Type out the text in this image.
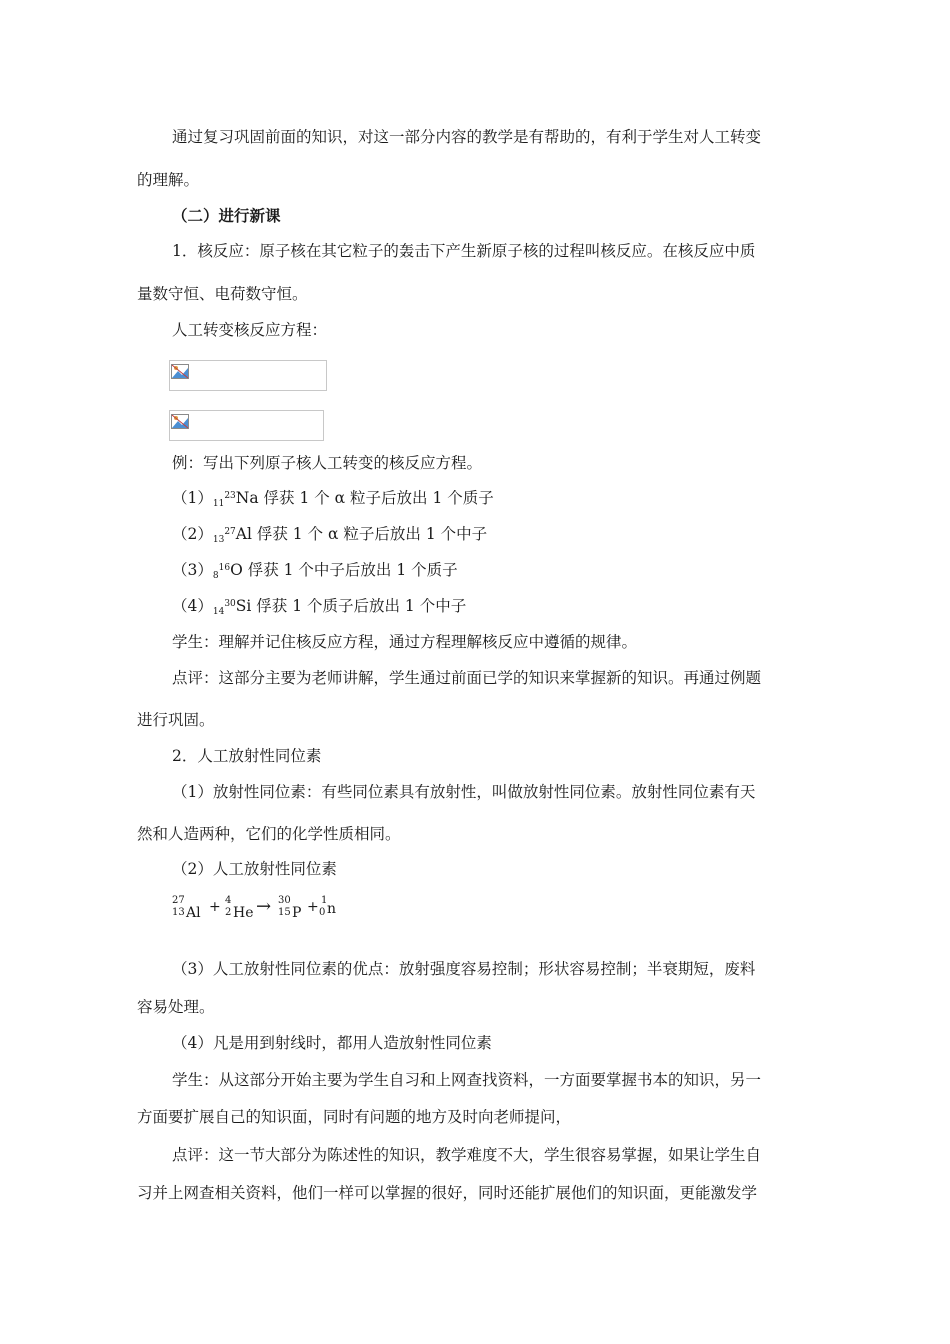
通过复习巩固前面的知识，对这一部分内容的教学是有帮助的，有利于学生对人工转变
的理解。
（二）进行新课
1．核反应：原子核在其它粒子的轰击下产生新原子核的过程叫核反应。在核反应中质
量数守恒、电荷数守恒。
人工转变核反应方程：
例：写出下列原子核人工转变的核反应方程。
$(1)11^{23}Na$ 俘获 1 个 α 粒子后放出 1 个质子
$(2)13^{27}Al$ 俘获 1 个 α 粒子后放出 1 个中子
$(3)8^{16}O$ 俘获 1 个中子后放出 1 个质子
$(4)14^{30}Si$ 俘获 1 个质子后放出 1 个中子
学生：理解并记住核反应方程，通过方程理解核反应中遵循的规律。
点评：这部分主要为老师讲解，学生通过前面已学的知识来掌握新的知识。再通过例题
进行巩固。
2．人工放射性同位素
（1）放射性同位素：有些同位素具有放射性，叫做放射性同位素。放射性同位素有天
然和人造两种，它们的化学性质相同。
（2）人工放射性同位素
27
13 Al + 4
2 He → 30
15 P + 1
0 n
（3）人工放射性同位素的优点：放射强度容易控制；形状容易控制；半衰期短，废料
容易处理。
（4）凡是用到射线时，都用人造放射性同位素
学生：从这部分开始主要为学生自习和上网查找资料，一方面要掌握书本的知识，另一
方面要扩展自己的知识面，同时有问题的地方及时向老师提问，
点评：这一节大部分为陈述性的知识，教学难度不大，学生很容易掌握，如果让学生自
习并上网查相关资料，他们一样可以掌握的很好，同时还能扩展他们的知识面，更能激发学
